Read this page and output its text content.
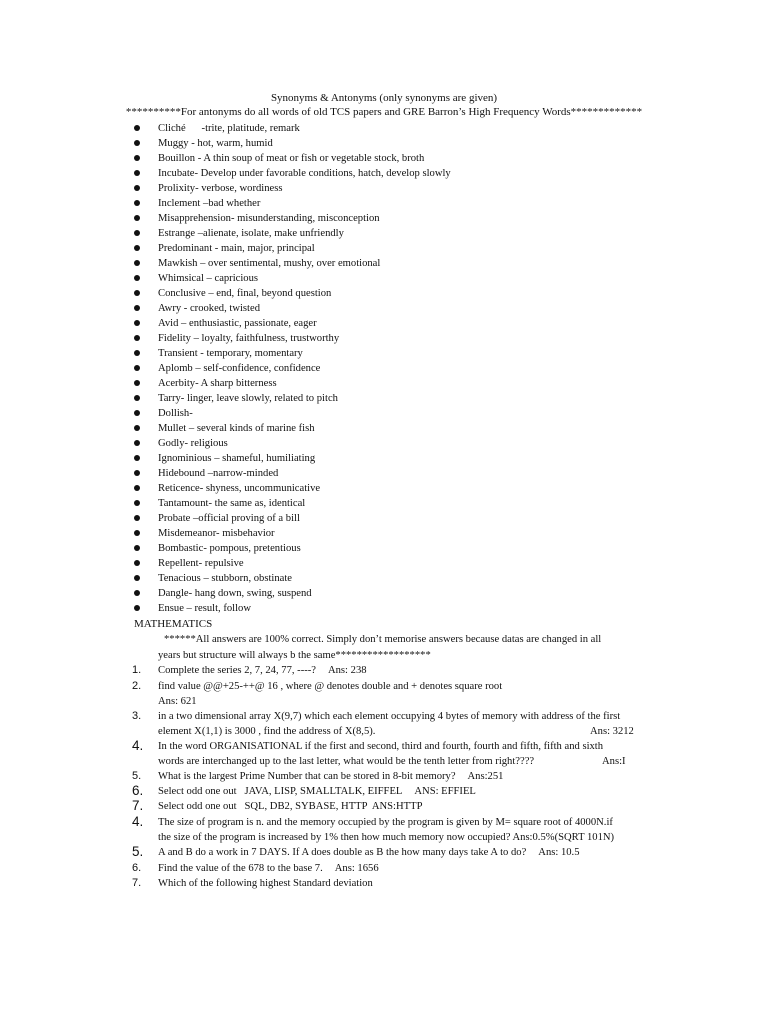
Synonyms & Antonyms (only synonyms are given)
**********For antonyms do all words of old TCS papers and GRE Barron’s High Frequency Words*************
Cliché      -trite, platitude, remark
Muggy - hot, warm, humid
Bouillon - A thin soup of meat or fish or vegetable stock, broth
Incubate- Develop under favorable conditions, hatch, develop slowly
Prolixity- verbose, wordiness
Inclement –bad whether
Misapprehension- misunderstanding, misconception
Estrange –alienate, isolate, make unfriendly
Predominant - main, major, principal
Mawkish – over sentimental, mushy, over emotional
Whimsical – capricious
Conclusive – end, final, beyond question
Awry - crooked, twisted
Avid – enthusiastic, passionate, eager
Fidelity – loyalty, faithfulness, trustworthy
Transient - temporary, momentary
Aplomb – self-confidence, confidence
Acerbity- A sharp bitterness
Tarry- linger, leave slowly, related to pitch
Dollish-
Mullet – several kinds of marine fish
Godly- religious
Ignominious – shameful, humiliating
Hidebound –narrow-minded
Reticence- shyness, uncommunicative
Tantamount- the same as, identical
Probate –official proving of a bill
Misdemeanor- misbehavior
Bombastic- pompous, pretentious
Repellent- repulsive
Tenacious – stubborn, obstinate
Dangle- hang down, swing, suspend
Ensue – result, follow
MATHEMATICS
******All answers are 100% correct. Simply don’t memorise answers because datas are changed in all
years but structure will always b the same******************
1.	Complete the series 2, 7, 24, 77, ----? Ans: 238
2.	find value @@+25-++@ 16 , where @ denotes double and + denotes square root
Ans: 621
3.	in a two dimensional array X(9,7) which each element occupying 4 bytes of memory with address of the first
element X(1,1) is 3000 , find the address of X(8,5).	Ans: 3212
4.	In the word ORGANISATIONAL if the first and second, third and fourth, fourth and fifth, fifth and sixth
words are interchanged up to the last letter, what would be the tenth letter from right????	Ans:I
5.	What is the largest Prime Number that can be stored in 8-bit memory? Ans:251
6.	Select odd one out   JAVA, LISP, SMALLTALK, EIFFEL ANS: EFFIEL
7.	Select odd one out   SQL, DB2, SYBASE, HTTP  ANS:HTTP
4.	The size of program is n. and the memory occupied by the program is given by M= square root of 4000N.if
the size of the program is increased by 1% then how much memory now occupied? Ans:0.5%(SQRT 101N)
5.	A and B do a work in 7 DAYS. If A does double as B the how many days take A to do? Ans: 10.5
6.	Find the value of the 678 to the base 7. Ans: 1656
7.	Which of the following highest Standard deviation
